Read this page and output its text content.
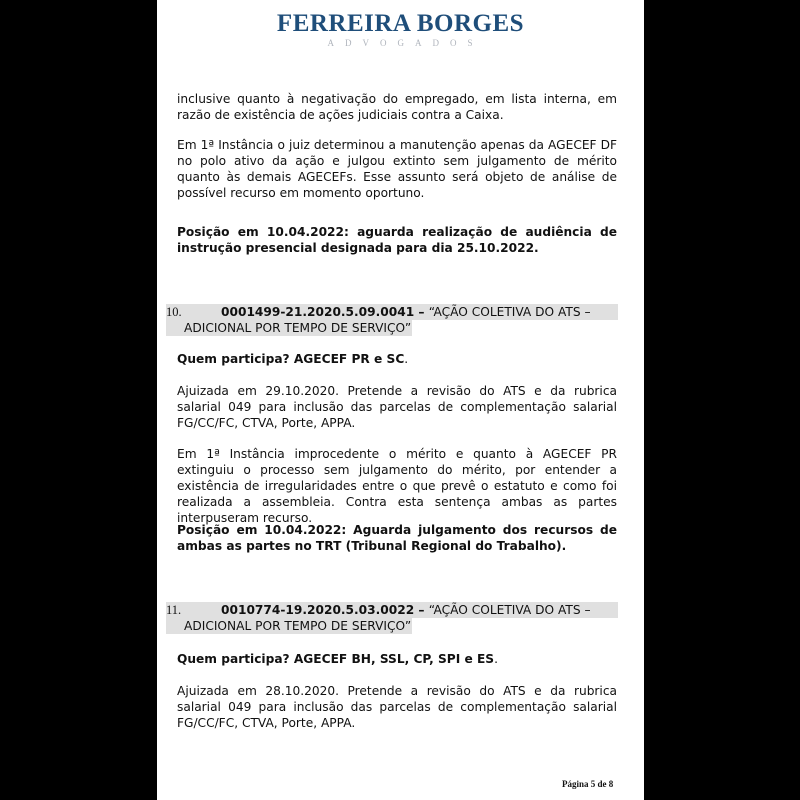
FERREIRA BORGES
ADVOGADOS
inclusive quanto à negativação do empregado, em lista interna, em razão de existência de ações judiciais contra a Caixa.
Em 1ª Instância o juiz determinou a manutenção apenas da AGECEF DF no polo ativo da ação e julgou extinto sem julgamento de mérito quanto às demais AGECEFs. Esse assunto será objeto de análise de possível recurso em momento oportuno.
Posição em 10.04.2022: aguarda realização de audiência de instrução presencial designada para dia 25.10.2022.
10.	0001499-21.2020.5.09.0041 – “AÇÃO COLETIVA DO ATS –
ADICIONAL POR TEMPO DE SERVIÇO”
Quem participa? AGECEF PR e SC.
Ajuizada em 29.10.2020. Pretende a revisão do ATS e da rubrica salarial 049 para inclusão das parcelas de complementação salarial FG/CC/FC, CTVA, Porte, APPA.
Em 1ª Instância improcedente o mérito e quanto à AGECEF PR extinguiu o processo sem julgamento do mérito, por entender a existência de irregularidades entre o que prevê o estatuto e como foi realizada a assembleia. Contra esta sentença ambas as partes interpuseram recurso.
Posição em 10.04.2022: Aguarda julgamento dos recursos de ambas as partes no TRT (Tribunal Regional do Trabalho).
11.	0010774-19.2020.5.03.0022 – “AÇÃO COLETIVA DO ATS –
ADICIONAL POR TEMPO DE SERVIÇO”
Quem participa? AGECEF BH, SSL, CP, SPI e ES.
Ajuizada em 28.10.2020. Pretende a revisão do ATS e da rubrica salarial 049 para inclusão das parcelas de complementação salarial FG/CC/FC, CTVA, Porte, APPA.
Página 5 de 8
